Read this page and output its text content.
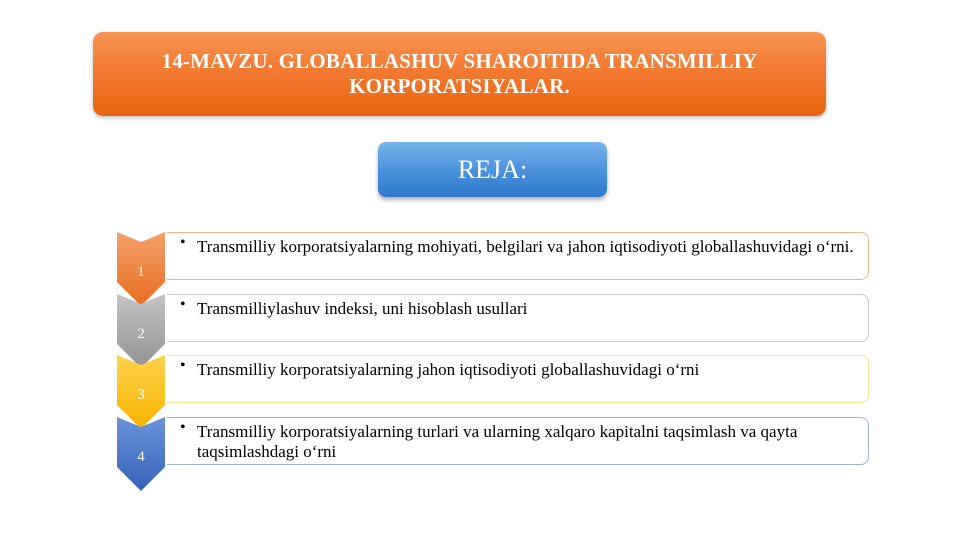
14-MAVZU. GLOBALLASHUV SHAROITIDA TRANSMILLIY KORPORATSIYALAR.
REJA:
1
• Transmilliy korporatsiyalarning mohiyati, belgilari va jahon iqtisodiyoti globallashuvidagi o‘rni.
2
• Transmilliylashuv indeksi, uni hisoblash usullari
3
• Transmilliy korporatsiyalarning jahon iqtisodiyoti globallashuvidagi o‘rni
4
• Transmilliy korporatsiyalarning turlari va ularning xalqaro kapitalni taqsimlash va qayta taqsimlashdagi o‘rni
